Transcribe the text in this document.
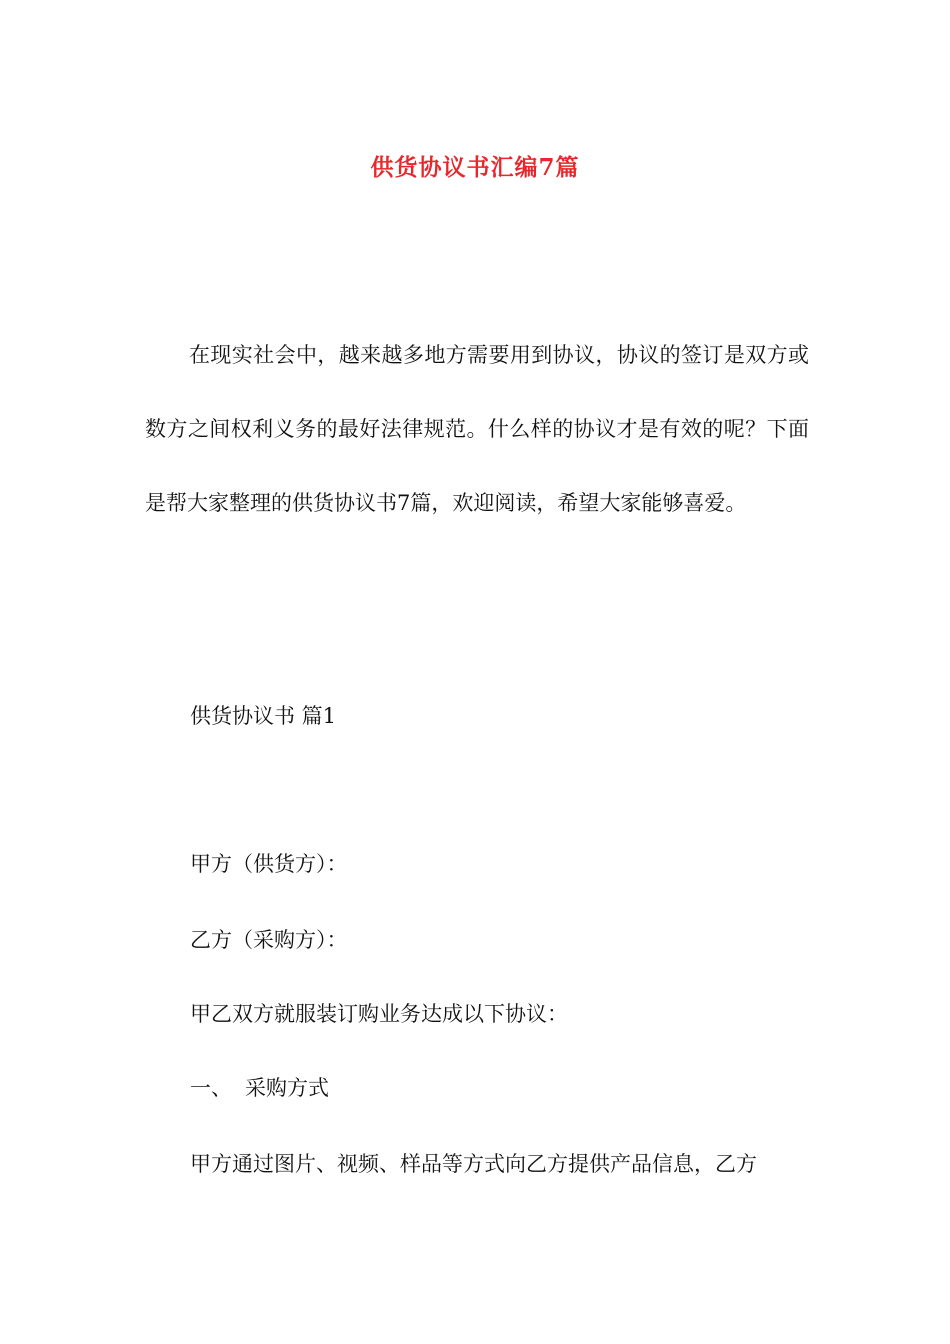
供货协议书汇编7篇

在现实社会中，越来越多地方需要用到协议，协议的签订是双方或数方之间权利义务的最好法律规范。什么样的协议才是有效的呢？下面是帮大家整理的供货协议书7篇，欢迎阅读，希望大家能够喜爱。

供货协议书 篇1

甲方（供货方）：

乙方（采购方）：

甲乙双方就服装订购业务达成以下协议：

一、 采购方式

甲方通过图片、视频、样品等方式向乙方提供产品信息，乙方
